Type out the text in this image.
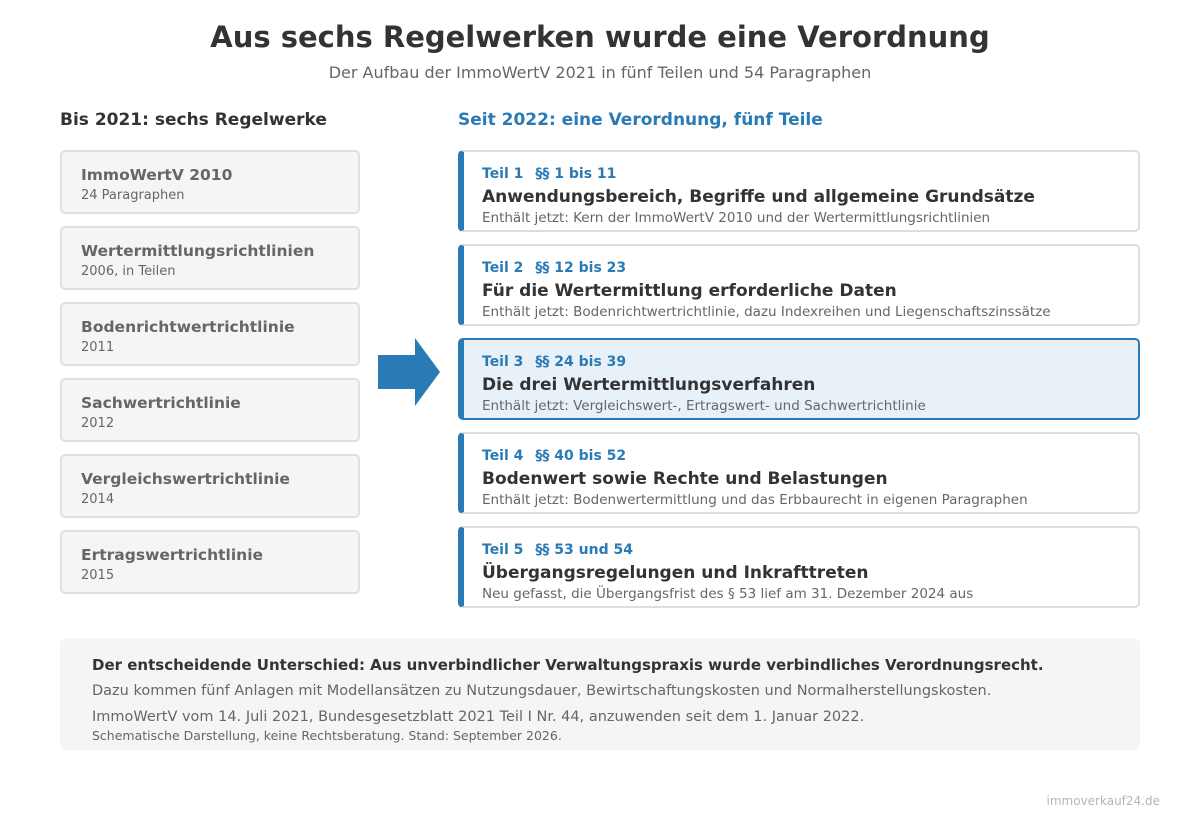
Aus sechs Regelwerken wurde eine Verordnung
Der Aufbau der ImmoWertV 2021 in fünf Teilen und 54 Paragraphen
Bis 2021: sechs Regelwerke	Seit 2022: eine Verordnung, fünf Teile
ImmoWertV 2010
24 Paragraphen
Wertermittlungsrichtlinien
2006, in Teilen
Bodenrichtwertrichtlinie
2011
Sachwertrichtlinie
2012
Vergleichswertrichtlinie
2014
Ertragswertrichtlinie
2015
Teil 1 §§ 1 bis 11
Anwendungsbereich, Begriffe und allgemeine Grundsätze
Enthält jetzt: Kern der ImmoWertV 2010 und der Wertermittlungsrichtlinien
Teil 2 §§ 12 bis 23
Für die Wertermittlung erforderliche Daten
Enthält jetzt: Bodenrichtwertrichtlinie, dazu Indexreihen und Liegenschaftszinssätze
Teil 3 §§ 24 bis 39
Die drei Wertermittlungsverfahren
Enthält jetzt: Vergleichswert-, Ertragswert- und Sachwertrichtlinie
Teil 4 §§ 40 bis 52
Bodenwert sowie Rechte und Belastungen
Enthält jetzt: Bodenwertermittlung und das Erbbaurecht in eigenen Paragraphen
Teil 5 §§ 53 und 54
Übergangsregelungen und Inkrafttreten
Neu gefasst, die Übergangsfrist des § 53 lief am 31. Dezember 2024 aus
Der entscheidende Unterschied: Aus unverbindlicher Verwaltungspraxis wurde verbindliches Verordnungsrecht.
Dazu kommen fünf Anlagen mit Modellansätzen zu Nutzungsdauer, Bewirtschaftungskosten und Normalherstellungskosten.
ImmoWertV vom 14. Juli 2021, Bundesgesetzblatt 2021 Teil I Nr. 44, anzuwenden seit dem 1. Januar 2022.
Schematische Darstellung, keine Rechtsberatung. Stand: September 2026.
immoverkauf24.de
